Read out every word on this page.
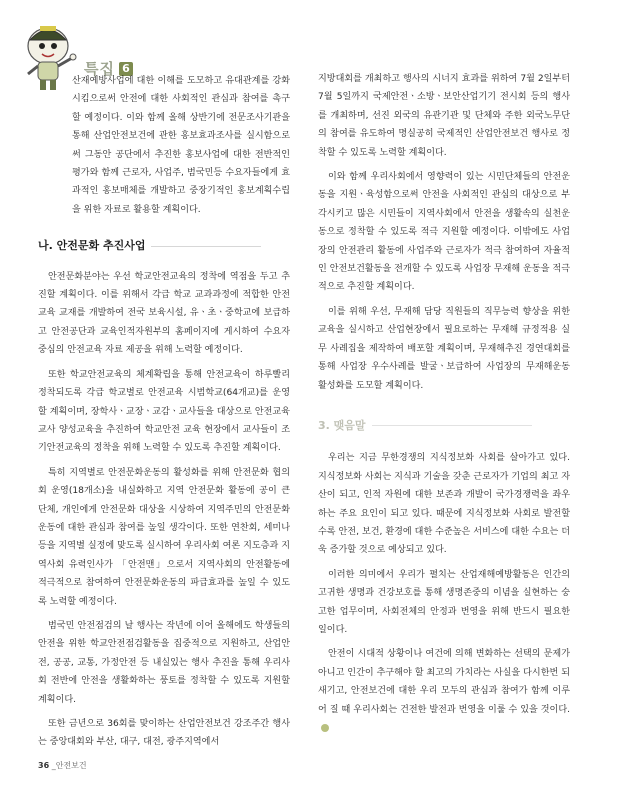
특집 6

산재예방사업에 대한 이해를 도모하고 유대관계를 강화시킴으로써 안전에 대한 사회적인 관심과 참여를 촉구할 예정이다. 이와 함께 올해 상반기에 전문조사기관을 통해 산업안전보건에 관한 홍보효과조사를 실시함으로써 그동안 공단에서 추진한 홍보사업에 대한 전반적인 평가와 함께 근로자, 사업주, 범국민등 수요자들에게 효과적인 홍보매체를 개발하고 중장기적인 홍보계획수립을 위한 자료로 활용할 계획이다.

나. 안전문화 추진사업

안전문화분야는 우선 학교안전교육의 정착에 역점을 두고 추진할 계획이다. 이를 위해서 각급 학교 교과과정에 적합한 안전교육 교재를 개발하여 전국 보육시설, 유ㆍ초ㆍ중학교에 보급하고 안전공단과 교육인적자원부의 홈페이지에 게시하여 수요자 중심의 안전교육 자료 제공을 위해 노력할 예정이다.

또한 학교안전교육의 체계확립을 통해 안전교육이 하루빨리 정착되도록 각급 학교별로 안전교육 시범학교(64개교)를 운영할 계획이며, 장학사ㆍ교장ㆍ교감ㆍ교사들을 대상으로 안전교육교사 양성교육을 추진하여 학교안전 교육 현장에서 교사들이 조기안전교육의 정착을 위해 노력할 수 있도록 추진할 계획이다.

특히 지역별로 안전문화운동의 활성화를 위해 안전문화 협의회 운영(18개소)을 내실화하고 지역 안전문화 활동에 공이 큰 단체, 개인에게 안전문화 대상을 시상하여 지역주민의 안전문화운동에 대한 관심과 참여를 높일 생각이다. 또한 연찬회, 세미나 등을 지역별 실정에 맞도록 실시하여 우리사회 여론 지도층과 지역사회 유력인사가 「안전맨」으로서 지역사회의 안전활동에 적극적으로 참여하여 안전문화운동의 파급효과를 높일 수 있도록 노력할 예정이다.

범국민 안전점검의 날 행사는 작년에 이어 올해에도 학생들의 안전을 위한 학교안전점검활동을 집중적으로 지원하고, 산업안전, 공공, 교통, 가정안전 등 내실있는 행사 추진을 통해 우리사회 전반에 안전을 생활화하는 풍토를 정착할 수 있도록 지원할 계획이다.

또한 금년으로 36회를 맞이하는 산업안전보건 강조주간 행사는 중앙대회와 부산, 대구, 대전, 광주지역에서

지방대회를 개최하고 행사의 시너지 효과를 위하여 7월 2일부터 7월 5일까지 국제안전ㆍ소방ㆍ보안산업기기 전시회 등의 행사를 개최하며, 선진 외국의 유관기관 및 단체와 주한 외국노무단의 참여를 유도하여 명실공히 국제적인 산업안전보건 행사로 정착할 수 있도록 노력할 계획이다.

이와 함께 우리사회에서 영향력이 있는 시민단체들의 안전운동을 지원ㆍ육성함으로써 안전을 사회적인 관심의 대상으로 부각시키고 많은 시민들이 지역사회에서 안전을 생활속의 실천운동으로 정착할 수 있도록 적극 지원할 예정이다. 이밖에도 사업장의 안전관리 활동에 사업주와 근로자가 적극 참여하여 자율적인 안전보건활동을 전개할 수 있도록 사업장 무재해 운동을 적극적으로 추진할 계획이다.

이를 위해 우선, 무재해 담당 직원들의 직무능력 향상을 위한 교육을 실시하고 산업현장에서 필요로하는 무재해 규정적용 실무 사례집을 제작하여 배포할 계획이며, 무재해추진 경연대회를 통해 사업장 우수사례를 발굴ㆍ보급하여 사업장의 무재해운동 활성화를 도모할 계획이다.

3. 맺음말

우리는 지금 무한경쟁의 지식정보화 사회를 살아가고 있다. 지식정보화 사회는 지식과 기술을 갖춘 근로자가 기업의 최고 자산이 되고, 인적 자원에 대한 보존과 개발이 국가경쟁력을 좌우하는 주요 요인이 되고 있다. 때문에 지식정보화 사회로 발전할수록 안전, 보건, 환경에 대한 수준높은 서비스에 대한 수요는 더욱 증가할 것으로 예상되고 있다.

이러한 의미에서 우리가 펼치는 산업재해예방활동은 인간의 고귀한 생명과 건강보호를 통해 생명존중의 이념을 실현하는 숭고한 업무이며, 사회전체의 안정과 번영을 위해 반드시 필요한 일이다.

안전이 시대적 상황이나 여건에 의해 변화하는 선택의 문제가 아니고 인간이 추구해야 할 최고의 가치라는 사실을 다시한번 되새기고, 안전보건에 대한 우리 모두의 관심과 참여가 함께 이루어 질 때 우리사회는 건전한 발전과 번영을 이룰 수 있을 것이다.

36 _안전보건
